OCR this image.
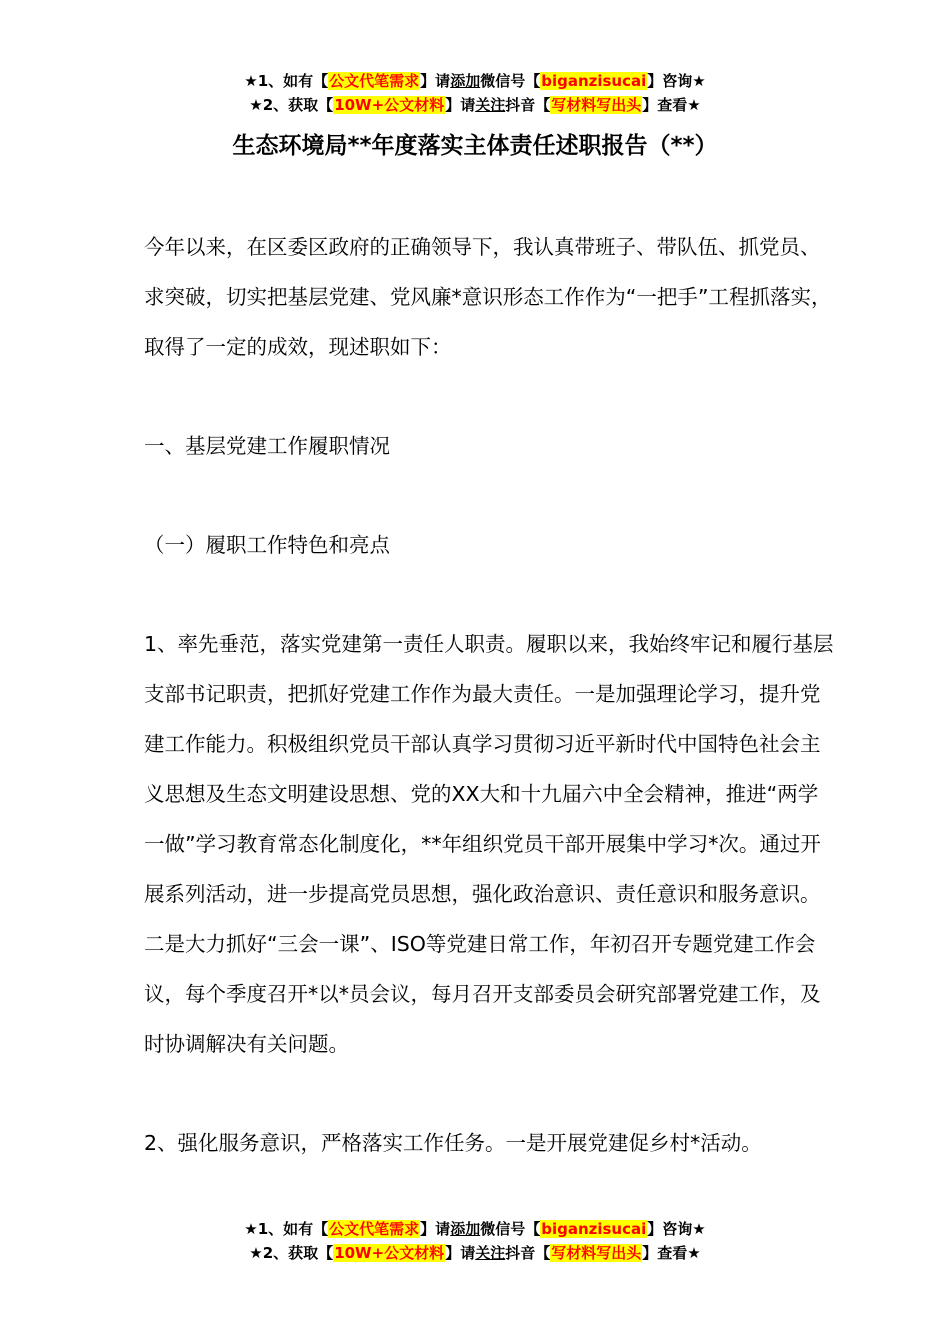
★1、如有【公文代笔需求】请添加微信号【biganzisucai】咨询★
★2、获取【10W+公文材料】请关注抖音【写材料写出头】查看★
生态环境局**年度落实主体责任述职报告（**）

今年以来，在区委区政府的正确领导下，我认真带班子、带队伍、抓党员、求突破，切实把基层党建、党风廉*意识形态工作作为“一把手”工程抓落实，取得了一定的成效，现述职如下：

一、基层党建工作履职情况

（一）履职工作特色和亮点

1、率先垂范，落实党建第一责任人职责。履职以来，我始终牢记和履行基层支部书记职责，把抓好党建工作作为最大责任。一是加强理论学习，提升党建工作能力。积极组织党员干部认真学习贯彻习近平新时代中国特色社会主义思想及生态文明建设思想、党的XX大和十九届六中全会精神，推进“两学一做”学习教育常态化制度化，**年组织党员干部开展集中学习*次。通过开展系列活动，进一步提高党员思想，强化政治意识、责任意识和服务意识。二是大力抓好“三会一课”、ISO等党建日常工作，年初召开专题党建工作会议，每个季度召开*以*员会议，每月召开支部委员会研究部署党建工作，及时协调解决有关问题。

2、强化服务意识，严格落实工作任务。一是开展党建促乡村*活动。

★1、如有【公文代笔需求】请添加微信号【biganzisucai】咨询★
★2、获取【10W+公文材料】请关注抖音【写材料写出头】查看★
